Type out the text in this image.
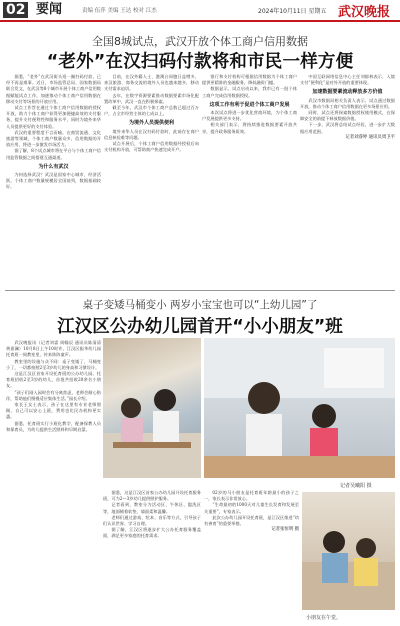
02 要闻	责编 伍萍 美编 王达 校对 江杰	2024年10月11日 星期五 武汉晚报
全国8城试点，武汉开放个体工商户信用数据
“老外”在汉扫码付款将和市民一样方便

据悉，“老外”在武汉街头逛一圈扫码付款，已经不再是难事。近日，市场监管总局、国家数据局联合发文，在武汉等8个城市开展个体工商户信用数据赋能试点工作，加速推动个体工商户信用数据在移动支付等场景的开放应用。

试点工作旨在通过个体工商户信用数据的授权开放，助力个体工商户获得更加便捷高效的支付服务，提升支付便利性和服务水平，同时为境外来华人员提供更好的支付体验。

武汉的重要程度不言而喻。在商贸流通、文化旅游等领域，个体工商户数量众多，信用数据的开放应用，将进一步激发市场活力。

据了解，8个试点城市将在平台与个体工商户信用监管数据之间搭建互通渠道。

为什么有武汉

为何选择武汉？武汉是国家中心城市，经济活跃，个体工商户数量规模居全国前列，数据基础较好。

目前，在汉外籍人士、港澳台同胞日益增多，来汉旅游、商务交流的境外人员也越来越多，移动支付需求迫切。

去年，在数字资源要素推动数据要素市场化配置改革中，武汉一直在积极探索。

截至今年，武汉市个体工商户总数已超过百万户，占全市经营主体的七成以上。

为境外人员提供便利

境外来华人员在汉扫码付款时，此前存在商户信息核验难等问题。

试点开展后，个体工商户信用数据经授权后向支付机构开放，可帮助商户快速完成开户。

银行和支付机构可根据信用数据为个体工商户提供更精准的金融服务，降低融资门槛。

数据显示，试点启动以来，我市已有一批个体工商户完成信用数据授权。

这项工作有利于促进个体工商户发展

本次试点将进一步优化营商环境，为个体工商户发展提供更多支持。

相关部门表示，将持续推进数据要素开放共享，提升政务服务质效。

中国互联网络信息中心主任刘郁林表示，入境支付“便利化”是对外开放的重要体现。

加速数据要素流动释放多方价值

武汉市数据局相关负责人表示，试点通过数据开放，推动个体工商户信用数据在更多场景应用。

同时，试点还将探索数据授权使用模式，在保障安全的前提下释放数据价值。

下一步，武汉将总结试点经验，进一步扩大数据应用范围。

记者刘睿婷 通讯员周卫平

桌子变矮马桶变小 两岁小宝宝也可以“上幼儿园”了
江汉区公办幼儿园首开“小小朋友”班

武汉晚报讯（记者刘睿 周翰辰 通讯员陈清清 黄嘉澜）10月8日上午10时许，江汉区振华幼儿园托育班一间教室里，传来阵阵童声。

教室里的设施与众不同：桌子变矮了，马桶变小了，一切都按照2至3岁幼儿的身高和习惯设计。

这是江汉区首家开设托育班的公办幼儿园。托育班招收2至3岁的幼儿，首批共招收20余名小朋友。

“孩子们刚入园时会有分离焦虑，老师会耐心陪伴，帮助他们慢慢适应集体生活。”园长介绍。

家长王女士表示，孩子在这里有专业老师照顾，自己可以安心上班，费用也比民办机构更实惠。

据悉，托育班实行小班化教学，配备保教人员和保育员，为幼儿提供生活照料和早期启蒙。

记者吴曦阳 摄

据悉，这是江汉区首家公办幼儿园开设托育服务班，可为2—3岁幼儿提供照护服务。

记者看到，教室分为活动区、午休区、盥洗区等，地面铺着软垫，墙面柔和温馨。

老师们通过游戏、绘本、音乐等方式，引导孩子们认识世界、学习自理。

据了解，江汉区将逐步扩大公办托育服务覆盖面，满足更多家庭的托育需求。

02岁的马小朋友是托育班年龄最小的孩子之一，家长表示非常放心。

“生命最初的1000天对儿童生长发育和发展至关重要”，专家表示。

此次公办幼儿园开设托育班，是江汉区推进“幼有善育”的重要举措。

记者张恒明 摄

小朋友在午觉。
